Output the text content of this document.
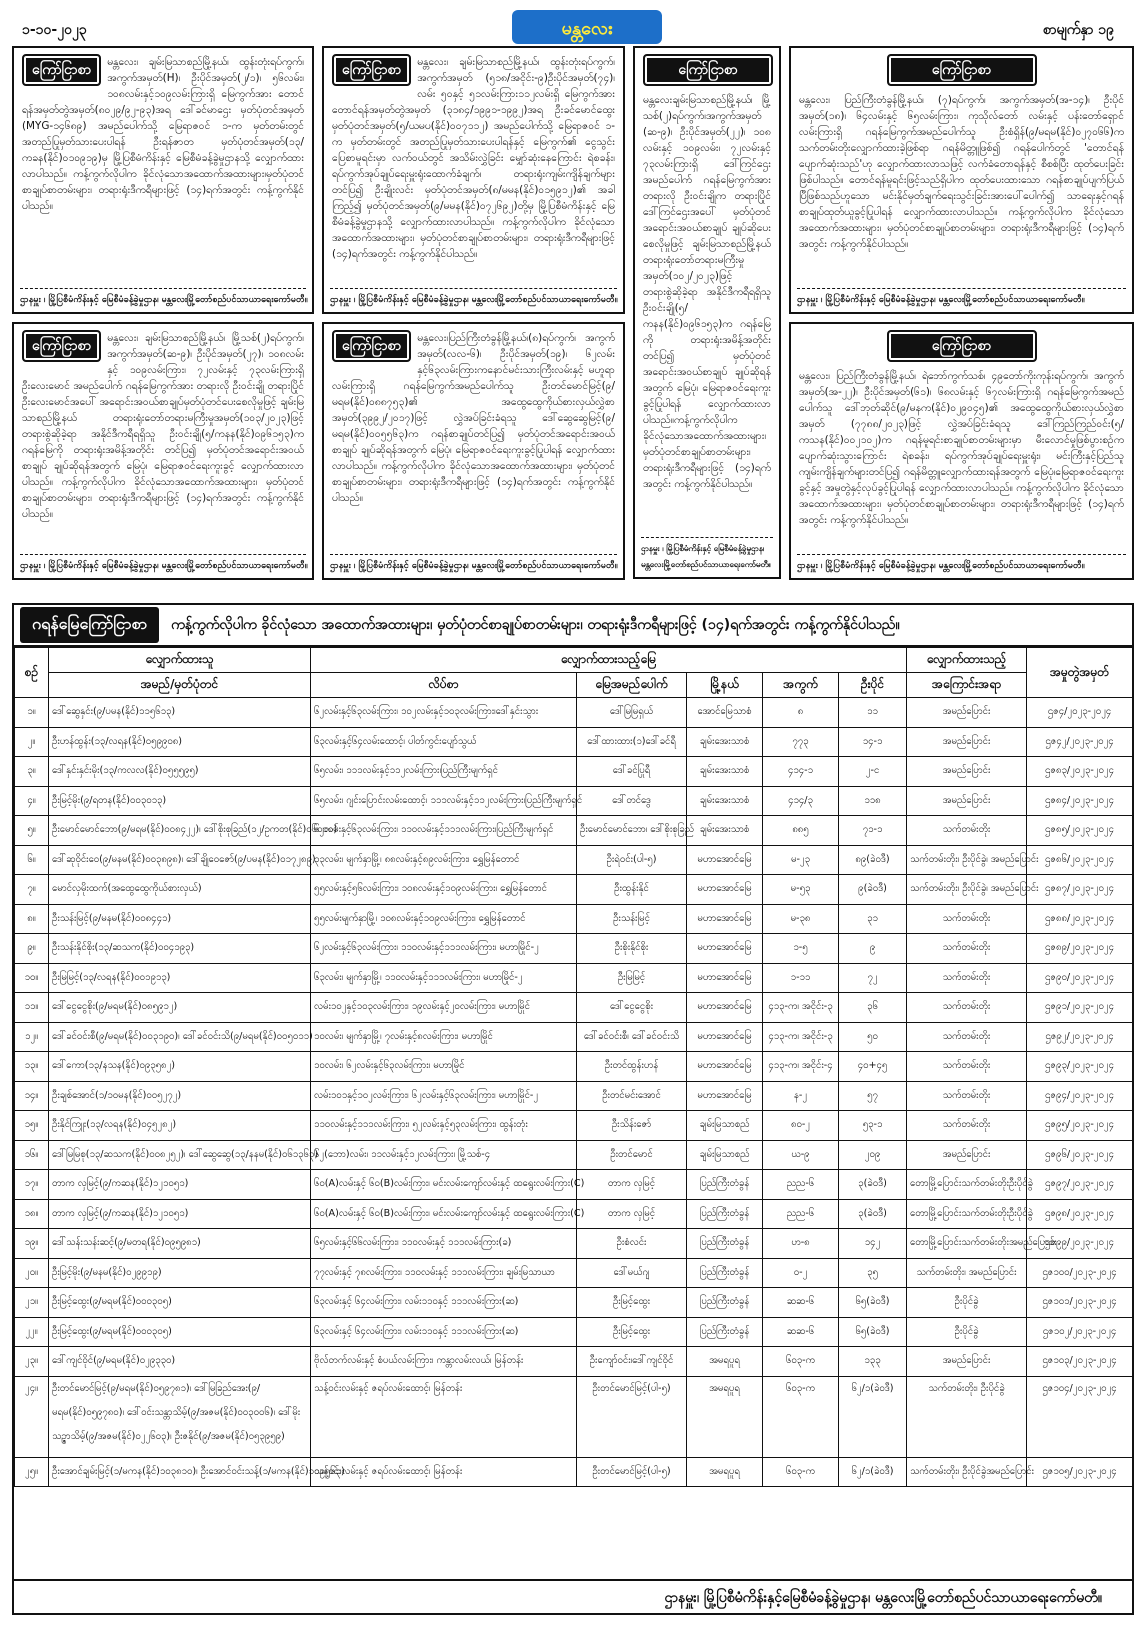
၁-၁၀-၂၀၂၃	မန္တလေး	စာမျက်နှာ ၁၉
ကြော်ငြာစာ	မန္တလေး၊ ချမ်းမြသာစည်မြို့နယ်၊ ထွန်းတုံးရပ်ကွက်၊အကွက်အမှတ်(H)၊ ဦးပိုင်အမှတ်(၂/၁)၊ ၅၆လမ်း၊ ၁၀၈လမ်းနှင့်၁၀၉လမ်းကြားရှိ မြေကွက်အား တောင်ရန်အမှတ်တွဲအမှတ်(၈၀၂၉/၉၂-၉၃)အရ ဒေါ်ခင်မာဌေး မှတ်ပုံတင်အမှတ် (MYG-၁၄၆၈၉) အမည်ပေါက်သို့ မြေရာဇဝင် ၁-က မှတ်တမ်းတွင် အတည်ပြုမှတ်သားပေးပါရန် ဦးရန်ဇာတ မှတ်ပုံတင်အမှတ်(၁၃/ ကခန(နိုင်)၀၁၀၉၁၉)မှ မြို့ပြစီမံကိန်းနှင့် မြေစီမံခန့်ခွဲမှုဌာနသို့ လျှောက်ထားလာပါသည်။ ကန့်ကွက်လိုပါက ခိုင်လုံသောအထောက်အထားများ၊မှတ်ပုံတင်စာချုပ်စာတမ်းများ၊ တရားရုံးဒီကရီများဖြင့် (၁၄)ရက်အတွင်း ကန့်ကွက်နိုင်ပါသည်။
ဌာနမှူး ၊ မြို့ပြစီမံကိန်းနှင့် မြေစီမံခန့်ခွဲမှုဌာန၊ မန္တလေးမြို့တော်စည်ပင်သာယာရေးကော်မတီ။
ကြော်ငြာစာ	မန္တလေး၊ ချမ်းမြသာစည်မြို့နယ်၊ ထွန်းတုံးရပ်ကွက်၊အကွက်အမှတ် (၅၁၈/အငိုင်း-၉)ဦးပိုင်အမှတ်(၇၄)၊ လမ်း ၅၀နှင့် ၅၁လမ်းကြား၁၁၂လမ်းရှိ မြေကွက်အား တောင်ရန်အမှတ်တွဲအမှတ် (၃၁၈၄/၁၉၉၁-၁၉၉၂)အရ ဦးခင်မောင်ထွေး မှတ်ပုံတင်အမှတ်(၅/ယမပ(နိုင်)၀၀၇၁၁၂) အမည်ပေါက်သို့ မြေရာဇဝင် ၁-က မှတ်တမ်းတွင် အတည်ပြုမှတ်သားပေးပါရန်နှင့် မြေကွက်၏ ငွေသွင်းပြေစာမူရင်းမှာ လက်ဝယ်တွင် အသိမ်းလွှဲခြင်း မျှော်ဆုံးနေကြောင်း ရဲစခန်း၊ ရပ်ကွက်အုပ်ချုပ်ရေးမှူးရုံးထောက်ခံချက်၊ တရားရုံးကျမ်းကျိန်ချက်များတင်ပြ၍ ဦးချိုးလင်း မှတ်ပုံတင်အမှတ်(၈/မမန(နိုင်)၀၁၅၉၁၂)၏ အခါကြည့်၍ မှတ်ပုံတင်အမှတ်(၉/မမန(နိုင်)၀၇၂၆၉၂)တို့မှ မြို့ပြစီမံကိန်းနှင့် မြေစီမံခန့်ခွဲမှုဌာနသို့ လျှောက်ထားလာပါသည်။ ကန့်ကွက်လိုပါက ခိုင်လုံသောအထောက်အထားများ၊ မှတ်ပုံတင်စာချုပ်စာတမ်းများ၊ တရားရုံးဒီကရီများဖြင့် (၁၄)ရက်အတွင်း ကန့်ကွက်နိုင်ပါသည်။
ဌာနမှူး ၊ မြို့ပြစီမံကိန်းနှင့် မြေစီမံခန့်ခွဲမှုဌာန၊ မန္တလေးမြို့တော်စည်ပင်သာယာရေးကော်မတီ။
ကြော်ငြာစာ
မန္တလေးချမ်းမြသာစည်မြို့နယ်၊ မြို့သစ်(၂)ရပ်ကွက်၊အကွက်အမှတ် (ဆ-၉)၊ ဦးပိုင်အမှတ်(၂၂)၊ ၁၀၈ လမ်းနှင့် ၁၀၉လမ်း၊ ၇၂လမ်းနှင့် ၇၃လမ်းကြားရှိ ဒေါ်ကြင်ဌေးအမည်ပေါက် ဂရန်မြေကွက်အား တရားလို ဦးဝင်းချိုက တရားပြိုင် ဒေါ်ကြင်ဌေးအပေါ် မှတ်ပုံတင်အရောင်းအဝယ်စာချုပ် ချုပ်ဆိုပေးစေလိုမှုဖြင့် ချမ်းမြသာစည်မြို့နယ် တရားရုံးတော်တရားမကြီးမှုအမှတ်(၁၀၂/၂၀၂၃)ဖြင့် တရားစွဲဆိုခဲ့ရာ အနိုင်ဒီကရီရရှိသူ ဦးဝင်းချို(၅/ကနန(နိုင်)၀၉၆၁၅၃)က ဂရန်မြေကို တရားရုံးအမိန့်အတိုင်း တင်ပြ၍ မှတ်ပုံတင်အရောင်းအဝယ်စာချုပ် ချုပ်ဆိုရန်အတွက် မြေပုံ၊ မြေရာဇဝင်ရေးကူးခွင့်ပြုပါရန် လျှောက်ထားလာပါသည်။ကန့်ကွက်လိုပါက ခိုင်လုံသောအထောက်အထားများ၊ မှတ်ပုံတင်စာချုပ်စာတမ်းများ၊ တရားရုံးဒီကရီများဖြင့် (၁၄)ရက်အတွင်း ကန့်ကွက်နိုင်ပါသည်။
ဌာနမှူး ၊ မြို့ပြစီမံကိန်းနှင့် မြေစီမံခန့်ခွဲမှုဌာန၊ မန္တလေးမြို့တော်စည်ပင်သာယာရေးကော်မတီ။
ကြော်ငြာစာ
မန္တလေး၊ ပြည်ကြီးတံခွန်မြို့နယ်၊ (၇)ရပ်ကွက်၊ အကွက်အမှတ်(အ-၁၄)၊ ဦးပိုင်အမှတ်(၁၈)၊ ၆၄လမ်းနှင့် ၆၅လမ်းကြား၊ ကုသိုလ်တော် လမ်းနှင့် ပန်းတော်ရှောင်လမ်းကြားရှိ ဂရန်မြေကွက်အမည်ပေါက်သူ ဦးစံရှိန်(၉/မရမ(နိုင်)၀၂၇၀၆၆)က သက်တမ်းတိုးလျှောက်ထားခဲ့ဖြစ်ရာ ဂရန်မိတ္တူဖြစ်၍ ဂရန်ပေါက်တွင် 'တောင်ရန်ပျောက်ဆုံးသည်'ဟု လျှောက်ထားလာသဖြင့် လက်ခံတောရန်နှင့် စီစစ်ပြီး ထုတ်ပေးခြင်းဖြစ်ပါသည်။ တောင်ရန်မူရင်းဖြင့်သည်ရှိပါက ထုတ်ပေးထားသော ဂရန်စာချုပ်ပျက်ပြယ်ပြီဖြစ်သည်ဟူသော မင်းနိုင်မှတ်ချက်ရေးသွင်းခြင်းအားပေါ်ပေါက်၍ သာရေးနှင့်ဂရန်စာချုပ်ထုတ်ယူခွင့်ပြုပါရန် လျှောက်ထားလာပါသည်။ ကန့်ကွက်လိုပါက ခိုင်လုံသောအထောက်အထားများ၊ မှတ်ပုံတင်စာချုပ်စာတမ်းများ၊ တရားရုံးဒီကရီများဖြင့် (၁၄)ရက်အတွင်း ကန့်ကွက်နိုင်ပါသည်။
ဌာနမှူး ၊ မြို့ပြစီမံကိန်းနှင့် မြေစီမံခန့်ခွဲမှုဌာန၊ မန္တလေးမြို့တော်စည်ပင်သာယာရေးကော်မတီ။
ကြော်ငြာစာ	မန္တလေး၊ ချမ်းမြသာစည်မြို့နယ်၊ မြို့သစ်(၂)ရပ်ကွက်၊ အကွက်အမှတ်(ဆ-၉)၊ ဦးပိုင်အမှတ်(၂၇)၊ ၁၀၈လမ်းနှင့် ၁၀၉လမ်းကြား၊ ၇၂လမ်းနှင့် ၇၃လမ်းကြားရှိ ဦးလေးမောင် အမည်ပေါက် ဂရန်မြေကွက်အား တရားလို ဦးဝင်းချို တရားပြိုင် ဦးလေးမောင်အပေါ် အရောင်းအဝယ်စာချုပ်မှတ်ပုံတင်ပေးစေလိုမှုဖြင့် ချမ်းမြသာစည်မြို့နယ် တရားရုံးတော်တရားမကြီးမှုအမှတ်(၁၀၃/၂၀၂၃)ဖြင့် တရားစွဲဆိုခဲ့ရာ အနိုင်ဒီကရီရရှိသူ ဦးဝင်းချို(၅/ကနန(နိုင်)၀၉၆၁၅၃)က ဂရန်မြေကို တရားရုံးအမိန့်အတိုင်း တင်ပြ၍ မှတ်ပုံတင်အရောင်းအဝယ်စာချုပ် ချုပ်ဆိုရန်အတွက် မြေပုံ၊ မြေရာဇဝင်ရေးကူးခွင့် လျှောက်ထားလာပါသည်။ ကန့်ကွက်လိုပါက ခိုင်လုံသောအထောက်အထားများ၊ မှတ်ပုံတင်စာချုပ်စာတမ်းများ၊ တရားရုံးဒီကရီများဖြင့် (၁၄)ရက်အတွင်း ကန့်ကွက်နိုင်ပါသည်။
ဌာနမှူး ၊ မြို့ပြစီမံကိန်းနှင့် မြေစီမံခန့်ခွဲမှုဌာန၊ မန္တလေးမြို့တော်စည်ပင်သာယာရေးကော်မတီ။
ကြော်ငြာစာ	မန္တလေး၊ပြည်ကြီးတံခွန်မြို့နယ်၊(၈)ရပ်ကွက်၊ အကွက်အမှတ်(လလ-၆)၊ ဦးပိုင်အမှတ်(၁၉)၊ ၆၂လမ်းနှင့်၆၃လမ်းကြားကနောင်မင်းသားကြီးလမ်းနှင့် မဟူရာလမ်းကြားရှိ ဂရန်မြေကွက်အမည်ပေါက်သူ ဦးတင်မောင်မြင့်(၉/မရမ(နိုင်)၀၈၈၇၅၃)၏ အထွေထွေကိုယ်စားလှယ်လွှဲစာအမှတ်(၃၉၉၂/၂၀၁၇)ဖြင့် လွှဲအပ်ခြင်းခံရသူ ဒေါ်ဆွေဆွေမြင့်(၉/မရမ(နိုင်)၀၀၅၅၆၃)က ဂရန်စာချုပ်တင်ပြ၍ မှတ်ပုံတင်အရောင်းအဝယ်စာချုပ် ချုပ်ဆိုရန်အတွက် မြေပုံ၊ မြေရာဇဝင်ရေးကူးခွင့်ပြုပါရန် လျှောက်ထားလာပါသည်။ ကန့်ကွက်လိုပါက ခိုင်လုံသောအထောက်အထားများ၊ မှတ်ပုံတင်စာချုပ်စာတမ်းများ၊ တရားရုံးဒီကရီများဖြင့် (၁၄)ရက်အတွင်း ကန့်ကွက်နိုင်ပါသည်။
ဌာနမှူး ၊ မြို့ပြစီမံကိန်းနှင့် မြေစီမံခန့်ခွဲမှုဌာန၊ မန္တလေးမြို့တော်စည်ပင်သာယာရေးကော်မတီ။
ကြော်ငြာစာ
မန္တလေး၊ ပြည်ကြီးတံခွန်မြို့နယ်၊ ရဲဘော်ကွက်သစ်၊ ၄၉တော်ကိုးကုန်းရပ်ကွက်၊ အကွက်အမှတ်(အ-၂၂)၊ ဦးပိုင်အမှတ်(၆၁)၊ ၆၈လမ်းနှင့် ၆၇လမ်းကြားရှိ ဂရန်မြေကွက်အမည်ပေါက်သူ ဒေါ်ဘုတ်ဆိုင်(၉/မနက(နိုင်)၀၂၉၀၄၅)၏ အထွေထွေကိုယ်စားလှယ်လွှဲစာအမှတ် (၇၇၈၈/၂၀၂၃)ဖြင့် လွှဲအပ်ခြင်းခံရသူ ဒေါ်ကြည်ကြည်ဝင်း(၅/ကသန(နိုင်)၀၀၂၁၀၂)က ဂရန်မူရင်းစာချုပ်စာတမ်းများမှာ မီးလောင်မှုဖြစ်ပွားစဉ်က ပျောက်ဆုံးသွားကြောင်း ရဲစခန်း၊ ရပ်ကွက်အုပ်ချုပ်ရေးမှူးရုံး၊ မင်းကြီးနှင့်ပြည်သူကျမ်းကျိန်ချက်များတင်ပြ၍ ဂရန်မိတ္တူလျှောက်ထားရန်အတွက် မြေပုံ၊မြေရာဇဝင်ရေးကူးခွင့်နှင့် အမှုတွဲနှင့်လုပ်ခွင့်ပြုပါရန် လျှောက်ထားလာပါသည်။ ကန့်ကွက်လိုပါက ခိုင်လုံသောအထောက်အထားများ၊ မှတ်ပုံတင်စာချုပ်စာတမ်းများ၊ တရားရုံးဒီကရီများဖြင့် (၁၄)ရက်အတွင်း ကန့်ကွက်နိုင်ပါသည်။
ဌာနမှူး ၊ မြို့ပြစီမံကိန်းနှင့် မြေစီမံခန့်ခွဲမှုဌာန၊ မန္တလေးမြို့တော်စည်ပင်သာယာရေးကော်မတီ။
ဂရန်မြေကြော်ငြာစာ	ကန့်ကွက်လိုပါက ခိုင်လုံသော အထောက်အထားများ၊ မှတ်ပုံတင်စာချုပ်စာတမ်းများ၊ တရားရုံးဒီကရီများဖြင့် (၁၄)ရက်အတွင်း ကန့်ကွက်နိုင်ပါသည်။
စဉ်	လျှောက်ထားသူ	လျှောက်ထားသည့်မြေ					လျှောက်ထားသည့်	အမှုတွဲအမှတ်
	အမည်/မှတ်ပုံတင်	လိပ်စာ	မြေအမည်ပေါက်	မြို့နယ်	အကွက်	ဦးပိုင်	အကြောင်းအရာ	
၁။	ဒေါ်ဆွေနှင်း(၉/ပမန(နိုင်)၁၁၅၆၁၃)	၆၂လမ်းနှင့်၆၃လမ်းကြား၊ ၁၀၂လမ်းနှင့်၁၀၃လမ်းကြား၊ဒေါ်နှင်းသွား	ဒေါ်မြမြရှယ်	အောင်မြေသာစံ	၈	၁၁	အမည်ပြောင်း	ဌဇ၄/၂၀၂၃-၂၀၂၄
၂။	ဦးဟန်ထွန်း(၁၃/လရန(နိုင်)၀၅၉၉၀၈)	၆၃လမ်းနှင့်၆၄လမ်းထောင့်၊ ပါတ်ကွင်းပျော်သွယ်	ဒေါ်ထားထား(၁)ဒေါ်ခင်ရီ	ချမ်းအေးသာစံ	၇၇၃	၁၄-၁	အမည်ပြောင်း	ဌဇ၄၂/၂၀၂၃-၂၀၂၄
၃။	ဒေါ်နှင်းနှင်းမိုး(၁၃/ကလလ(နိုင်)၀၅၅၅၉၅)	၆၅လမ်း၊ ၁၁၁လမ်းနှင့်၁၁၂လမ်းကြား၊ပြည်ကြီးမျက်ရှင်	ဒေါ်ခင်ပြုရီ	ချမ်းအေးသာစံ	၄၁၄-၁	၂-င	အမည်ပြောင်း	ဌဇ၈၃/၂၀၂၃-၂၀၂၄
၄။	ဦးမြင့်မိုး(၉/ရတန(နိုင်)၀၀၃၀၁၃)	၆၅လမ်း၊ ဂျင်းပြောင်းလမ်းထောင့်၊ ၁၁၁လမ်းနှင့်၁၁၂လမ်းကြား၊ပြည်ကြီးမျက်ရှင်	ဒေါ်တင်ဒွေ	ချမ်းအေးသာစံ	၄၁၄/၃	၁၁၈	အမည်ပြောင်း	ဌဇ၈၄/၂၀၂၃-၂၀၂၄
၅။	ဦးမောင်မောင်ဘော(၉/မရမ(နိုင်)၀၀၈၄၂၂)၊ ဒေါ်စိုးစုခြည်(၁၂/ဥကတ(နိုင်)၀၆၀၁၈)	၆၂လမ်းနှင့်၆၃လမ်းကြား၊ ၁၁၀လမ်းနှင့်၁၁၁လမ်းကြား၊ပြည်ကြီးမျက်ရှင်	ဦးမောင်မောင်ဘော၊ ဒေါ်စိုးစုခြည်	ချမ်းအေးသာစံ	၈၈၅	၇၁-၁	သက်တမ်းတိုး	ဌဇ၈၅/၂၀၂၃-၂၀၂၄
၆။	ဒေါ်ဆုဝိုင်းဝေ(၉/မနမ(နိုင်)၀၀၃၈၉၈)၊ ဒေါ်ချိုဝေဇော်(၉/ပမန(နိုင်)၀၁၇၂၈၉)	၃၃လမ်း၊ မျက်နှာမြို့၊ ၈၈လမ်းနှင့်၈၉လမ်းကြား၊ ရွှေမြန်တောင်	ဦးရဲ၀င်း(ပါ-၅)	မဟာအောင်မြေ	မ-၂၃	၈၉(ခဲ၀ဒီ)	သက်တမ်းတိုး၊ ဦးပိုင်ခွဲ၊ အမည်ပြောင်း	ဌဇ၈၆/၂၀၂၃-၂၀၂၄
၇။	မောင်လှမိုးထက်(အထွေထွေကိုယ်စားလှယ်)	၅၅လမ်းနှင့်၅၆လမ်းကြား၊ ၁၀၈လမ်းနှင့်၁၀၉လမ်းကြား၊ ရွှေမြန်တောင်	ဦးထွန်းနိုင်	မဟာအောင်မြေ	မ-၅၃	၉(ခဲ၀ဒီ)	သက်တမ်းတိုး၊ ဦးပိုင်ခွဲ၊ အမည်ပြောင်း	ဌဇ၈၇/၂၀၂၃-၂၀၂၄
၈။	ဦးသန်းမြင့်(၉/မနမ(နိုင်)၀၀၈၄၄၁)	၅၅လမ်းမျက်နှာမြို့၊ ၁၀၈လမ်းနှင့်၁၀၉လမ်းကြား၊ ရွှေမြန်တောင်	ဦးသန်းမြင့်	မဟာအောင်မြေ	မ-၃၈	၃၁	သက်တမ်းတိုး	ဌဇ၈၈/၂၀၂၃-၂၀၂၄
၉။	ဦးသန်းနိုင်စိုး(၁၃/ဆသက(နိုင်)၀၀၄၁၉၃)	၆၂လမ်းနှင့်၆၃လမ်းကြား၊ ၁၁၀လမ်းနှင့်၁၁၁လမ်းကြား၊ မဟာမြိုင်-၂	ဦးစိုးနိုင်စိုး	မဟာအောင်မြေ	၁-၅	၉	သက်တမ်းတိုး	ဌဇ၈၉/၂၀၂၃-၂၀၂၄
၁၀။	ဦးမြမြင့်(၁၃/လရန(နိုင်)၀၀၁၉၁၃)	၆၃လမ်း၊ မျက်နှာမြို့၊ ၁၁၀လမ်းနှင့်၁၁၁လမ်းကြား၊ မဟာမြိုင်-၂	ဦးမြမြင့်	မဟာအောင်မြေ	၁-၁၁	၇၂	သက်တမ်းတိုး	ဌဇ၉၀/၂၀၂၃-၂၀၂၄
၁၁။	ဒေါ်ငွေငွေစိုး(၉/မရမ(နိုင်)၀၈၅၉၁၂)	လမ်း၁၀၂နှင့်၁၀၃လမ်းကြား၊ ၁၉လမ်းနှင့်၂၀လမ်းကြား၊ မဟာမြိုင်	ဒေါ်ငွေငွေစိုး	မဟာအောင်မြေ	၄၁၃-က၊ အငိုင်း-၃	၃၆	သက်တမ်းတိုး	ဌဇ၉၁/၂၀၂၃-၂၀၂၄
၁၂။	ဒေါ်ခင်ဝင်းစီ(၉/မရမ(နိုင်)၀၀၃၁၉၀)၊ ဒေါ်ခင်ဝင်းသိ(၉/မရမ(နိုင်)၀၀၅၀၁၁)	၁၀လမ်း၊ မျက်နှာမြို့၊ ၇လမ်းနှင့်၈လမ်းကြား၊ မဟာမြိုင်	ဒေါ်ခင်ဝင်းစီ၊ ဒေါ်ခင်ဝင်းသိ	မဟာအောင်မြေ	၄၁၃-က၊ အငိုင်း-၃	၅၀	သက်တမ်းတိုး	ဌဇ၉၂/၂၀၂၃-၂၀၂၄
၁၃။	ဒေါ်ကော(၁၃/နသန(နိုင်)၀၉၃၅၈၂)	၁၀လမ်း၊ ၆၂လမ်းနှင့်၆၃လမ်းကြား၊ မဟာမြိုင်	ဦးတင်ထွန်းဟန်	မဟာအောင်မြေ	၄၁၃-က၊ အငိုင်း-၄	၄၀+၄၅	သက်တမ်းတိုး	ဌဇ၉၃/၂၀၂၃-၂၀၂၄
၁၄။	ဦးချစ်အောင်(၁/၁၀မန(နိုင်)၀၀၅၂၇၂)	လမ်း၁၀၁နှင့်၁၀၂လမ်းကြား၊ ၆၂လမ်းနှင့်၆၃လမ်းကြား၊ မဟာမြိုင်-၂	ဦးတင်မင်းအောင်	မဟာအောင်မြေ	န-၂	၅၇	သက်တမ်းတိုး	ဌဇ၉၄/၂၀၂၃-၂၀၂၄
၁၅။	ဦးနိုင်ကြူး(၁၃/လရန(နိုင်)၀၄၅၂၈၂)	၁၁၀လမ်းနှင့်၁၁၁လမ်းကြား၊ ၅၂လမ်းနှင့်၅၃လမ်းကြား၊ ထွန်းတုံး	ဦးသိန်းဇော်	ချမ်းမြသာစည်	၈၀-၂	၅၃-၁	သက်တမ်းတိုး	ဌဇ၉၅/၂၀၂၃-၂၀၂၄
၁၆။	ဒေါ်မြမြစု(၁၃/ဆသက(နိုင်)၀၀၈၂၅၂)၊ ဒေါ်ဆွေဆွေ(၁၃/နနမ(နိုင်)၀၆၁၃၆၃)	၆၂(ဘော)လမ်း၊ ၁၁လမ်းနှင့်၁၂လမ်းကြား၊ မြို့သစ်-၄	ဦးတင်မောင်	ချမ်းမြသာစည်	ယ-၉	၂၀၉	အမည်ပြောင်း	ဌဇ၉၆/၂၀၂၃-၂၀၂၄
၁၇။	တာက လှမြင့်(၉/ကဆန(နိုင်)၁၂၁၀၅၁)	၆၀(A)လမ်းနှင့် ၆၀(B)လမ်းကြား၊ မင်းလမ်းကျော်လမ်းနှင့် ထရွေးလမ်းကြား(C)	တာက လှမြင့်	ပြည်ကြီးတံခွန်	ညည-၆	၃(ခဲ၀ဒီ)	တောမြို့ပြောင်းသက်တမ်းတိုးဦးပိုင်ခွဲ	ဌဇ၉၇/၂၀၂၃-၂၀၂၄
၁၈။	တာက လှမြင့်(၉/ကဆန(နိုင်)၁၂၁၀၅၁)	၆၀(A)လမ်းနှင့် ၆၀(B)လမ်းကြား၊ မင်းလမ်းကျော်လမ်းနှင့် ထရွေးလမ်းကြား(C)	တာက လှမြင့်	ပြည်ကြီးတံခွန်	ညည-၆	၃(ခဲ၀ဒီ)	တောမြို့ပြောင်းသက်တမ်းတိုးဦးပိုင်ခွဲ	ဌဇ၉၈/၂၀၂၃-၂၀၂၄
၁၉။	ဒေါ်သန်းသန်းဆင့်(၉/မတရ(နိုင်)၀၉၅၉၈၁)	၆၅လမ်းနှင့်၆၆လမ်းကြား၊ ၁၁၀လမ်းနှင့် ၁၁၁လမ်းကြား(ခ)	ဦးစံလင်း	ပြည်ကြီးတံခွန်	ဟ-၈	၁၄၂	တောမြို့ပြောင်းသက်တမ်းတိုးအမည်ပြောင်း	ဌဇ၉၉/၂၀၂၃-၂၀၂၄
၂၀။	ဦးမြင့်မိုး(၉/မနမ(နိုင်)၀၂၉၉၁၉)	၇၇လမ်းနှင့် ၇၈လမ်းကြား၊ ၁၁၀လမ်းနှင့် ၁၁၁လမ်းကြား၊ ချမ်းမြသာယာ	ဒေါ်မယ်ဂျ	ပြည်ကြီးတံခွန်	ဝ-၂	၃၅	သက်တမ်းတိုး၊ အမည်ပြောင်း	ဌဇ၁၀၀/၂၀၂၃-၂၀၂၄
၂၁။	ဦးမြင့်ထွေး(၉/မရမ(နိုင်)၀၀၀၃၀၅)	၆၃လမ်းနှင့် ၆၄လမ်းကြား၊ လမ်း၁၁၀နှင့် ၁၁၁လမ်းကြား(ဆ)	ဦးမြင့်ထွေး	ပြည်ကြီးတံခွန်	ဆဆ-၆	၆၅(ခဲ၀ဒီ)	ဦးပိုင်ခွဲ	ဌဇ၁၀၁/၂၀၂၃-၂၀၂၄
၂၂။	ဦးမြင့်ထွေး(၉/မရမ(နိုင်)၀၀၀၃၀၅)	၆၃လမ်းနှင့် ၆၄လမ်းကြား၊ လမ်း၁၁၀နှင့် ၁၁၁လမ်းကြား(ဆ)	ဦးမြင့်ထွေး	ပြည်ကြီးတံခွန်	ဆဆ-၆	၆၅(ခဲ၀ဒီ)	ဦးပိုင်ခွဲ	ဌဇ၁၀၂/၂၀၂၃-၂၀၂၄
၂၃။	ဒေါ်ကျင်ဝိုင်(၉/မရမ(နိုင်)၀၂၉၃၃၀)	ဗိုလ်တက်လမ်းနှင့် စံပယ်လမ်းကြား၊ ကန္တာလမ်းလယ်၊ မြန်တန်း	ဦးကျော်ဝင်း၊ဒေါ်ကျင်ဝိုင်	အမရပူရ	၆၀၃-က	၁၃၃	အမည်ပြောင်း	ဌဇ၁၀၃/၂၀၂၃-၂၀၂၄
၂၄။	ဦးတင်မောင်မြင့်(၉/မရမ(နိုင်)၀၅၉၇၈၁)၊ ဒေါ်မြခြည်အေး(၉/မရမ(နိုင်)၀၅၉၇၈၀)၊ ဒေါ်ဝင်းသန္တာသိမ့်(၉/အဇမ(နိုင်)၀၀၃၀၀၆)၊ ဒေါ်မိုးသဉ္ဇာသိမ့်(၉/အဇမ(နိုင်)၀၂၂၆၀၃)၊ ဦးဇနိုင်(၉/အဇမ(နိုင်)၀၅၃၉၅၉)	သန့်ဝင်းလမ်းနှင့် ဇရပ်လမ်းထောင့်၊ မြန်တန်း	ဦးတင်မောင်မြင့်(ပါ-၅)	အမရပူရ	၆၀၃-က	၆၂/၁(ခဲ၀ဒီ)	သက်တမ်းတိုး၊ ဦးပိုင်ခွဲ	ဌဇ၁၀၄/၂၀၂၃-၂၀၂၄
၂၅။	ဦးအောင်ချမ်းမြင့်(၁/မကန(နိုင်)၁၀၃၈၁၀)၊ ဦးအောင်ဝင်းသန့်(၁/မကန(နိုင်)၁၀၉၅၆၃)	သန့်ဝင်းလမ်းနှင့် ဇရပ်လမ်းထောင့်၊ မြန်တန်း	ဦးတင်မောင်မြင့်(ပါ-၅)	အမရပူရ	၆၀၃-က	၆၂/၁(ခဲ၀ဒီ)	သက်တမ်းတိုး၊ ဦးပိုင်ခွဲအမည်ပြောင်း	ဌဇ၁၀၅/၂၀၂၃-၂၀၂၄
ဌာနမှူး၊ မြို့ပြစီမံကိန်းနှင့်မြေစီမံခန့်ခွဲမှုဌာန၊ မန္တလေးမြို့တော်စည်ပင်သာယာရေးကော်မတီ။
